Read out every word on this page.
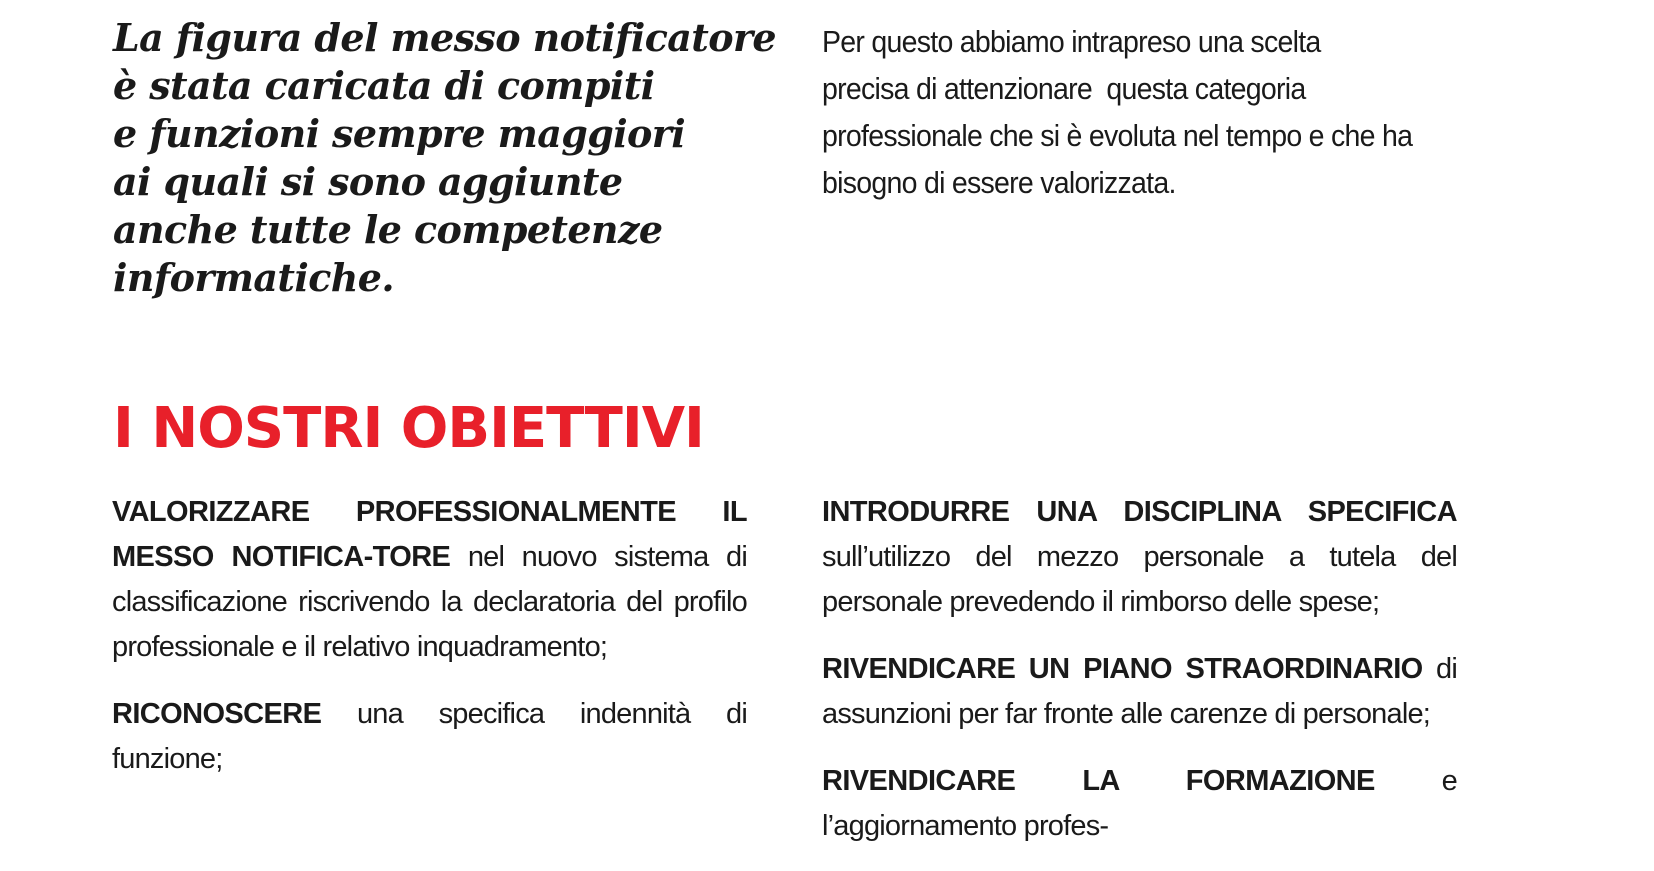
La figura del messo notificatore
è stata caricata di compiti
e funzioni sempre maggiori
ai quali si sono aggiunte
anche tutte le competenze
informatiche.

Per questo abbiamo intrapreso una scelta
precisa di attenzionare  questa categoria
professionale che si è evoluta nel tempo e che ha
bisogno di essere valorizzata.

I NOSTRI OBIETTIVI

VALORIZZARE PROFESSIONALMENTE IL MESSO NOTIFICA-TORE nel nuovo sistema di classificazione riscrivendo la declaratoria del profilo professionale e il relativo inquadramento;

RICONOSCERE una specifica indennità di funzione;

INTRODURRE UNA DISCIPLINA SPECIFICA sull’utilizzo del mezzo personale a tutela del personale prevedendo il rimborso delle spese;

RIVENDICARE UN PIANO STRAORDINARIO di assunzioni per far fronte alle carenze di personale;

RIVENDICARE LA FORMAZIONE e l’aggiornamento profes-
